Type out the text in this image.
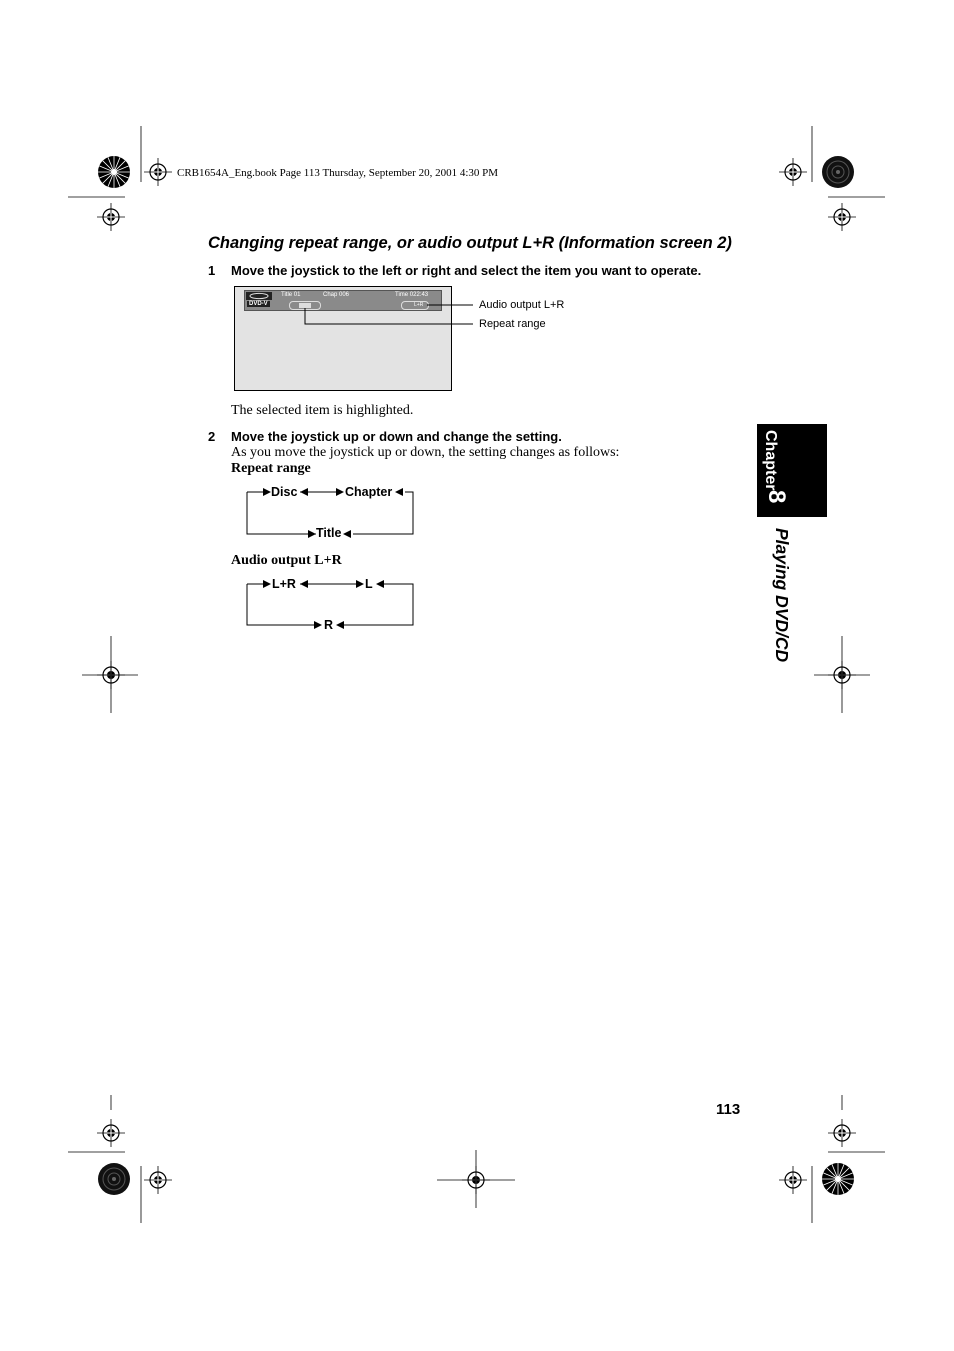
CRB1654A_Eng.book Page 113 Thursday, September 20, 2001 4:30 PM
Changing repeat range, or audio output L+R (Information screen 2)
1 Move the joystick to the left or right and select the item you want to operate.
DVD-V
Title 01	Chap 006	Time 022:43
L+R	Audio output L+R
Repeat range
The selected item is highlighted.
2 Move the joystick up or down and change the setting.
As you move the joystick up or down, the setting changes as follows:
Repeat range
Disc	Chapter
Title
Audio output L+R
L+R	L
R
Chapter
8
Playing DVD/CD
113
